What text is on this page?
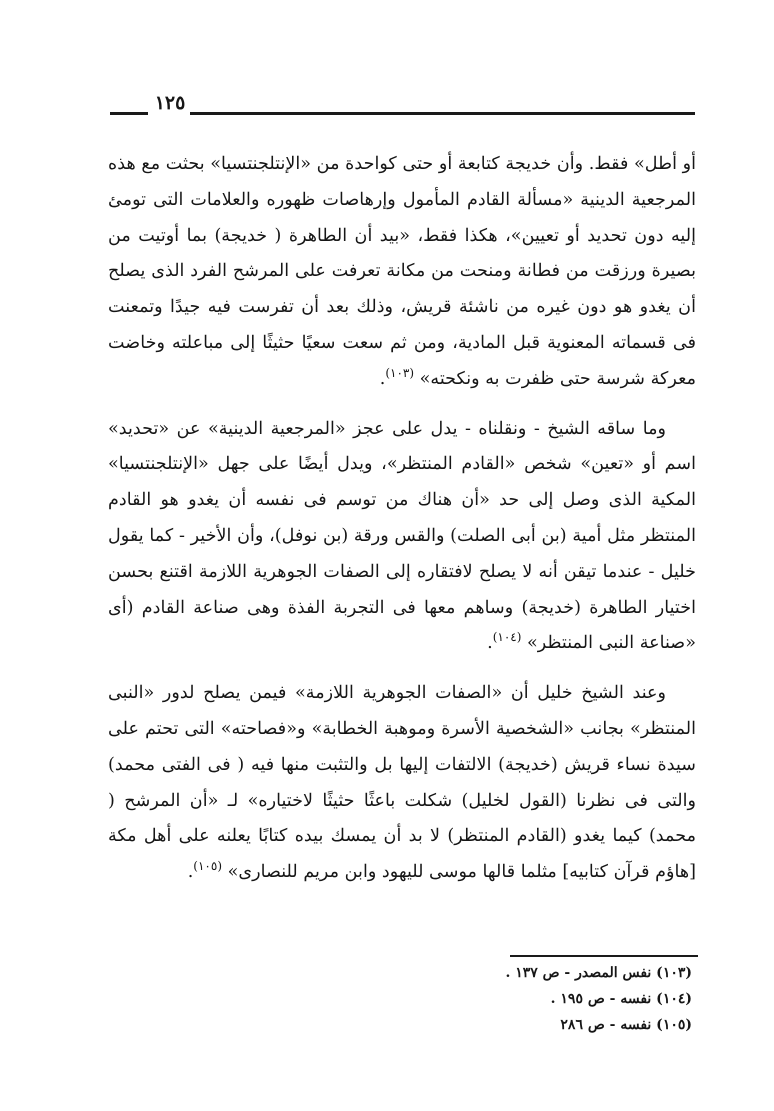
١٢٥

أو أطل» فقط. وأن خديجة كتابعة أو حتى كواحدة من «الإنتلجنتسيا» بحثت مع هذه المرجعية الدينية «مسألة القادم المأمول وإرهاصات ظهوره والعلامات التى تومئ إليه دون تحديد أو تعيين»، هكذا فقط، «بيد أن الطاهرة ( خديجة) بما أوتيت من بصيرة ورزقت من فطانة ومنحت من مكانة تعرفت على المرشح الفرد الذى يصلح أن يغدو هو دون غيره من ناشئة قريش، وذلك بعد أن تفرست فيه جيدًا وتمعنت فى قسماته المعنوية قبل المادية، ومن ثم سعت سعيًا حثيثًا إلى مباعلته وخاضت معركة شرسة حتى ظفرت به ونكحته» $^{(١٠٣)}$.

وما ساقه الشيخ - ونقلناه - يدل على عجز «المرجعية الدينية» عن «تحديد» اسم أو «تعين» شخص «القادم المنتظر»، ويدل أيضًا على جهل «الإنتلجنتسيا» المكية الذى وصل إلى حد «أن هناك من توسم فى نفسه أن يغدو هو القادم المنتظر مثل أمية (بن أبى الصلت) والقس ورقة (بن نوفل)، وأن الأخير - كما يقول خليل - عندما تيقن أنه لا يصلح لافتقاره إلى الصفات الجوهرية اللازمة اقتنع بحسن اختيار الطاهرة (خديجة) وساهم معها فى التجربة الفذة وهى صناعة القادم (أى «صناعة النبى المنتظر» $^{(١٠٤)}$.

وعند الشيخ خليل أن «الصفات الجوهرية اللازمة» فيمن يصلح لدور «النبى المنتظر» بجانب «الشخصية الأسرة وموهبة الخطابة» و«فصاحته» التى تحتم على سيدة نساء قريش (خديجة) الالتفات إليها بل والتثبت منها فيه ( فى الفتى محمد) والتى فى نظرنا (القول لخليل) شكلت باعثًا حثيثًا لاختياره» لـ «أن المرشح ( محمد) كيما يغدو (القادم المنتظر) لا بد أن يمسك بيده كتابًا يعلنه على أهل مكة [هاؤم قرآن كتابيه] مثلما قالها موسى لليهود وابن مريم للنصارى» $^{(١٠٥)}$.

(١٠٣) نفس المصدر - ص ١٣٧ .

(١٠٤) نفسه - ص ١٩٥ .

(١٠٥) نفسه - ص ٢٨٦
